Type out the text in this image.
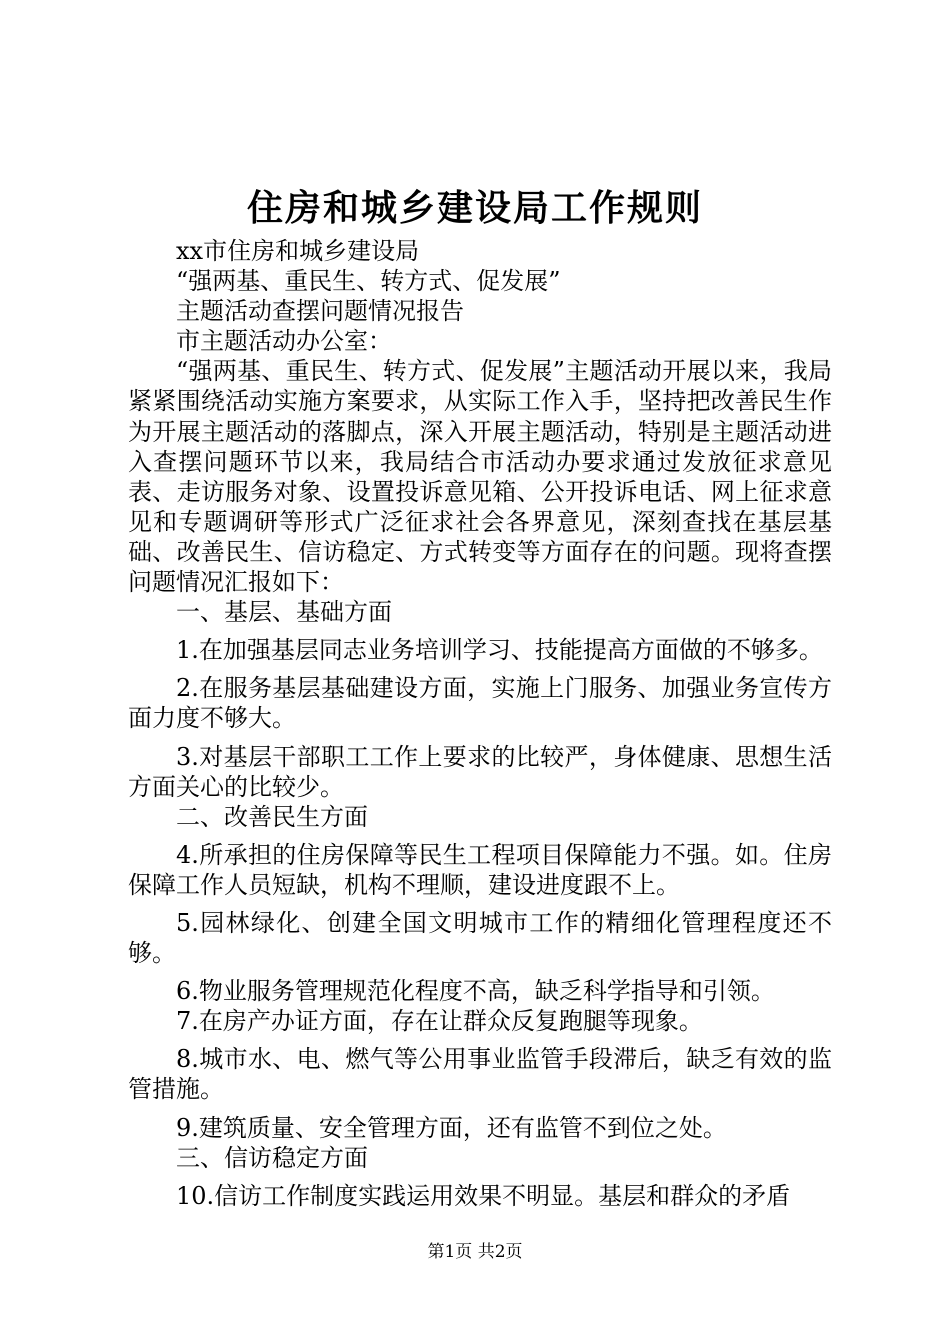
住房和城乡建设局工作规则

xx市住房和城乡建设局

“强两基、重民生、转方式、促发展”

主题活动查摆问题情况报告

市主题活动办公室：

“强两基、重民生、转方式、促发展”主题活动开展以来，我局紧紧围绕活动实施方案要求，从实际工作入手，坚持把改善民生作为开展主题活动的落脚点，深入开展主题活动，特别是主题活动进入查摆问题环节以来，我局结合市活动办要求通过发放征求意见表、走访服务对象、设置投诉意见箱、公开投诉电话、网上征求意见和专题调研等形式广泛征求社会各界意见，深刻查找在基层基础、改善民生、信访稳定、方式转变等方面存在的问题。现将查摆问题情况汇报如下：

一、基层、基础方面

1.在加强基层同志业务培训学习、技能提高方面做的不够多。

2.在服务基层基础建设方面，实施上门服务、加强业务宣传方面力度不够大。

3.对基层干部职工工作上要求的比较严，身体健康、思想生活方面关心的比较少。

二、改善民生方面

4.所承担的住房保障等民生工程项目保障能力不强。如。住房保障工作人员短缺，机构不理顺，建设进度跟不上。

5.园林绿化、创建全国文明城市工作的精细化管理程度还不够。

6.物业服务管理规范化程度不高，缺乏科学指导和引领。

7.在房产办证方面，存在让群众反复跑腿等现象。

8.城市水、电、燃气等公用事业监管手段滞后，缺乏有效的监管措施。

9.建筑质量、安全管理方面，还有监管不到位之处。

三、信访稳定方面

10.信访工作制度实践运用效果不明显。基层和群众的矛盾

第1页 共2页
